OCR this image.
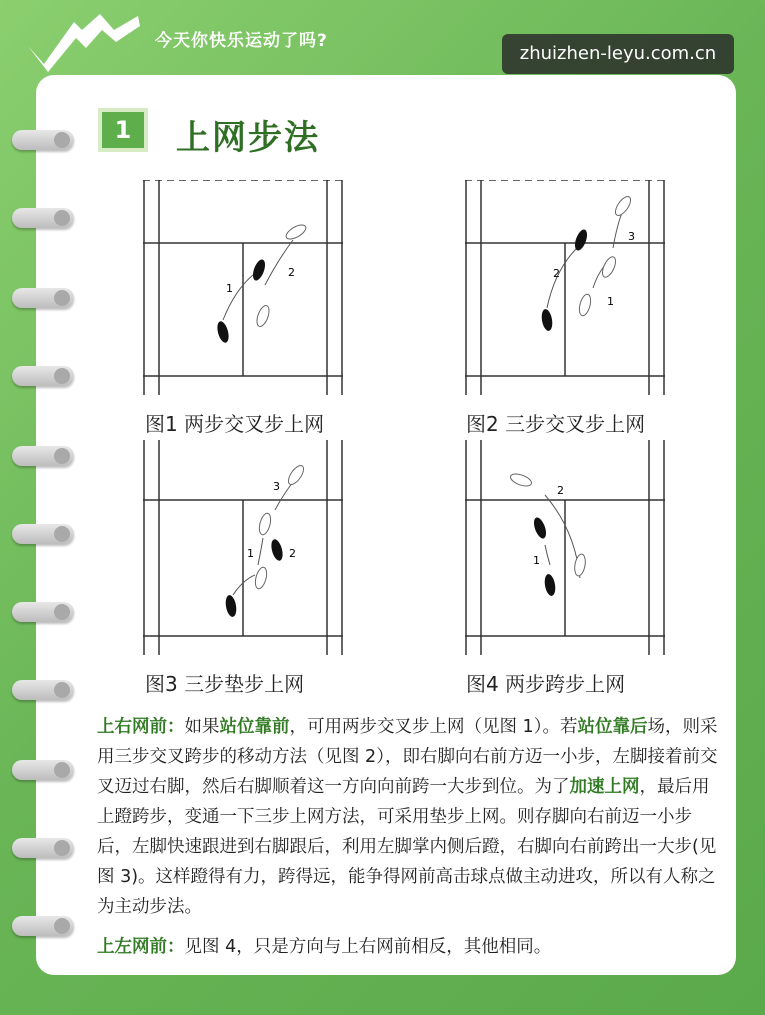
今天你快乐运动了吗?
zhuizhen-leyu.com.cn
1	上网步法
1
2
图1 两步交叉步上网
3
2
1
图2 三步交叉步上网
3
1	2
图3 三步垫步上网
2
1
图4 两步跨步上网
上右网前：如果站位靠前，可用两步交叉步上网（见图 1）。若站位靠后场，则采用三步交叉跨步的移动方法（见图 2），即右脚向右前方迈一小步，左脚接着前交叉迈过右脚，然后右脚顺着这一方向向前跨一大步到位。为了加速上网，最后用上蹬跨步，变通一下三步上网方法，可采用垫步上网。则存脚向右前迈一小步后，左脚快速跟进到右脚跟后，利用左脚掌内侧后蹬，右脚向右前跨出一大步(见图 3)。这样蹬得有力，跨得远，能争得网前高击球点做主动进攻，所以有人称之为主动步法。
上左网前：见图 4，只是方向与上右网前相反，其他相同。
